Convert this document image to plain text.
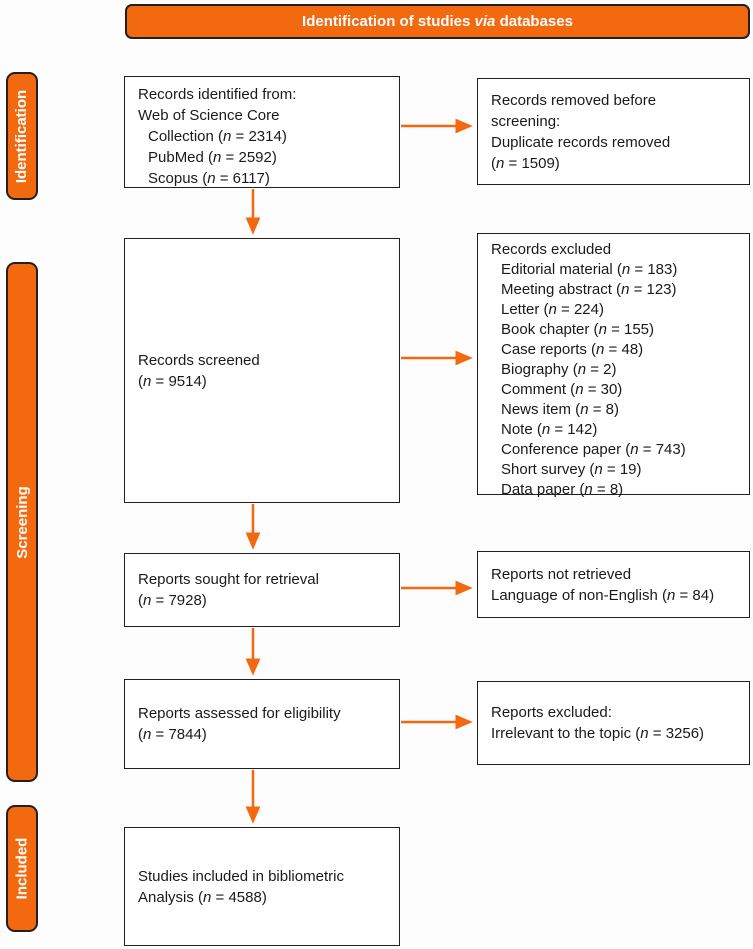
Identification of studies via databases
Identification
Screening
Included
Records identified from:
Web of Science Core
Collection (n = 2314)
PubMed (n = 2592)
Scopus (n = 6117)
Records screened
(n = 9514)
Reports sought for retrieval
(n = 7928)
Reports assessed for eligibility
(n = 7844)
Studies included in bibliometric
Analysis (n = 4588)
Records removed before
screening:
Duplicate records removed
(n = 1509)
Records excluded
Editorial material (n = 183)
Meeting abstract (n = 123)
Letter (n = 224)
Book chapter (n = 155)
Case reports (n = 48)
Biography (n = 2)
Comment (n = 30)
News item (n = 8)
Note (n = 142)
Conference paper (n = 743)
Short survey (n = 19)
Data paper (n = 8)
Reports not retrieved
Language of non-English (n = 84)
Reports excluded:
Irrelevant to the topic (n = 3256)
